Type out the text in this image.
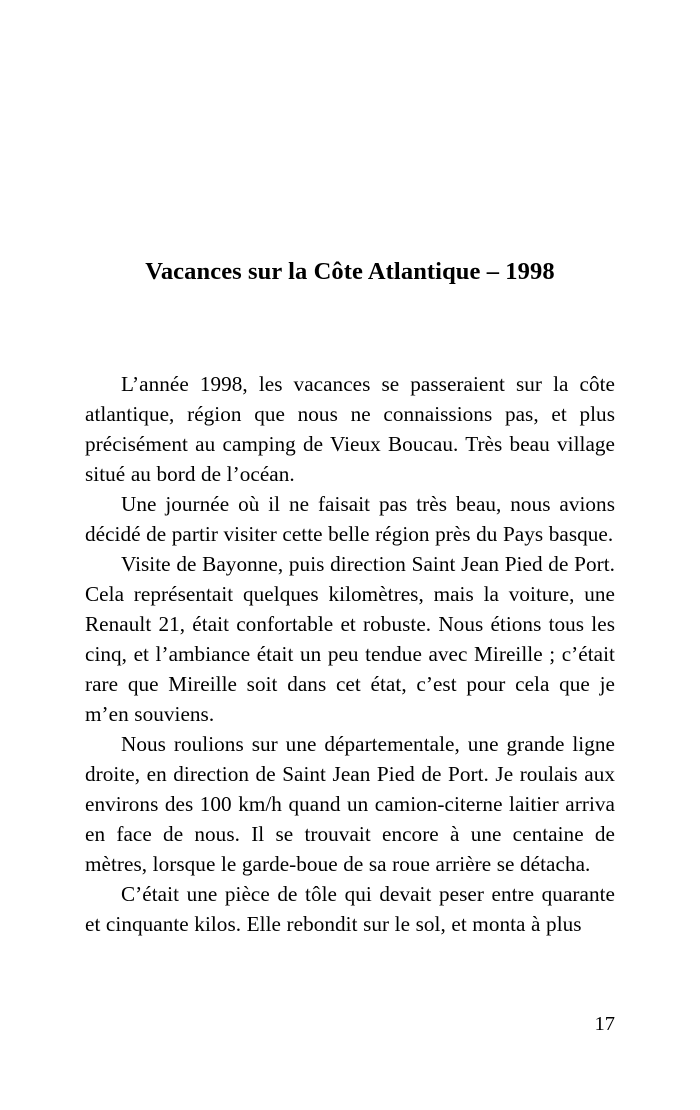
Vacances sur la Côte Atlantique – 1998

L’année 1998, les vacances se passeraient sur la côte atlantique, région que nous ne connaissions pas, et plus précisément au camping de Vieux Boucau. Très beau village situé au bord de l’océan.

Une journée où il ne faisait pas très beau, nous avions décidé de partir visiter cette belle région près du Pays basque.

Visite de Bayonne, puis direction Saint Jean Pied de Port. Cela représentait quelques kilomètres, mais la voiture, une Renault 21, était confortable et robuste. Nous étions tous les cinq, et l’ambiance était un peu tendue avec Mireille ; c’était rare que Mireille soit dans cet état, c’est pour cela que je m’en souviens.

Nous roulions sur une départementale, une grande ligne droite, en direction de Saint Jean Pied de Port. Je roulais aux environs des 100 km/h quand un camion-citerne laitier arriva en face de nous. Il se trouvait encore à une centaine de mètres, lorsque le garde-boue de sa roue arrière se détacha.

C’était une pièce de tôle qui devait peser entre quarante et cinquante kilos. Elle rebondit sur le sol, et monta à plus

17
